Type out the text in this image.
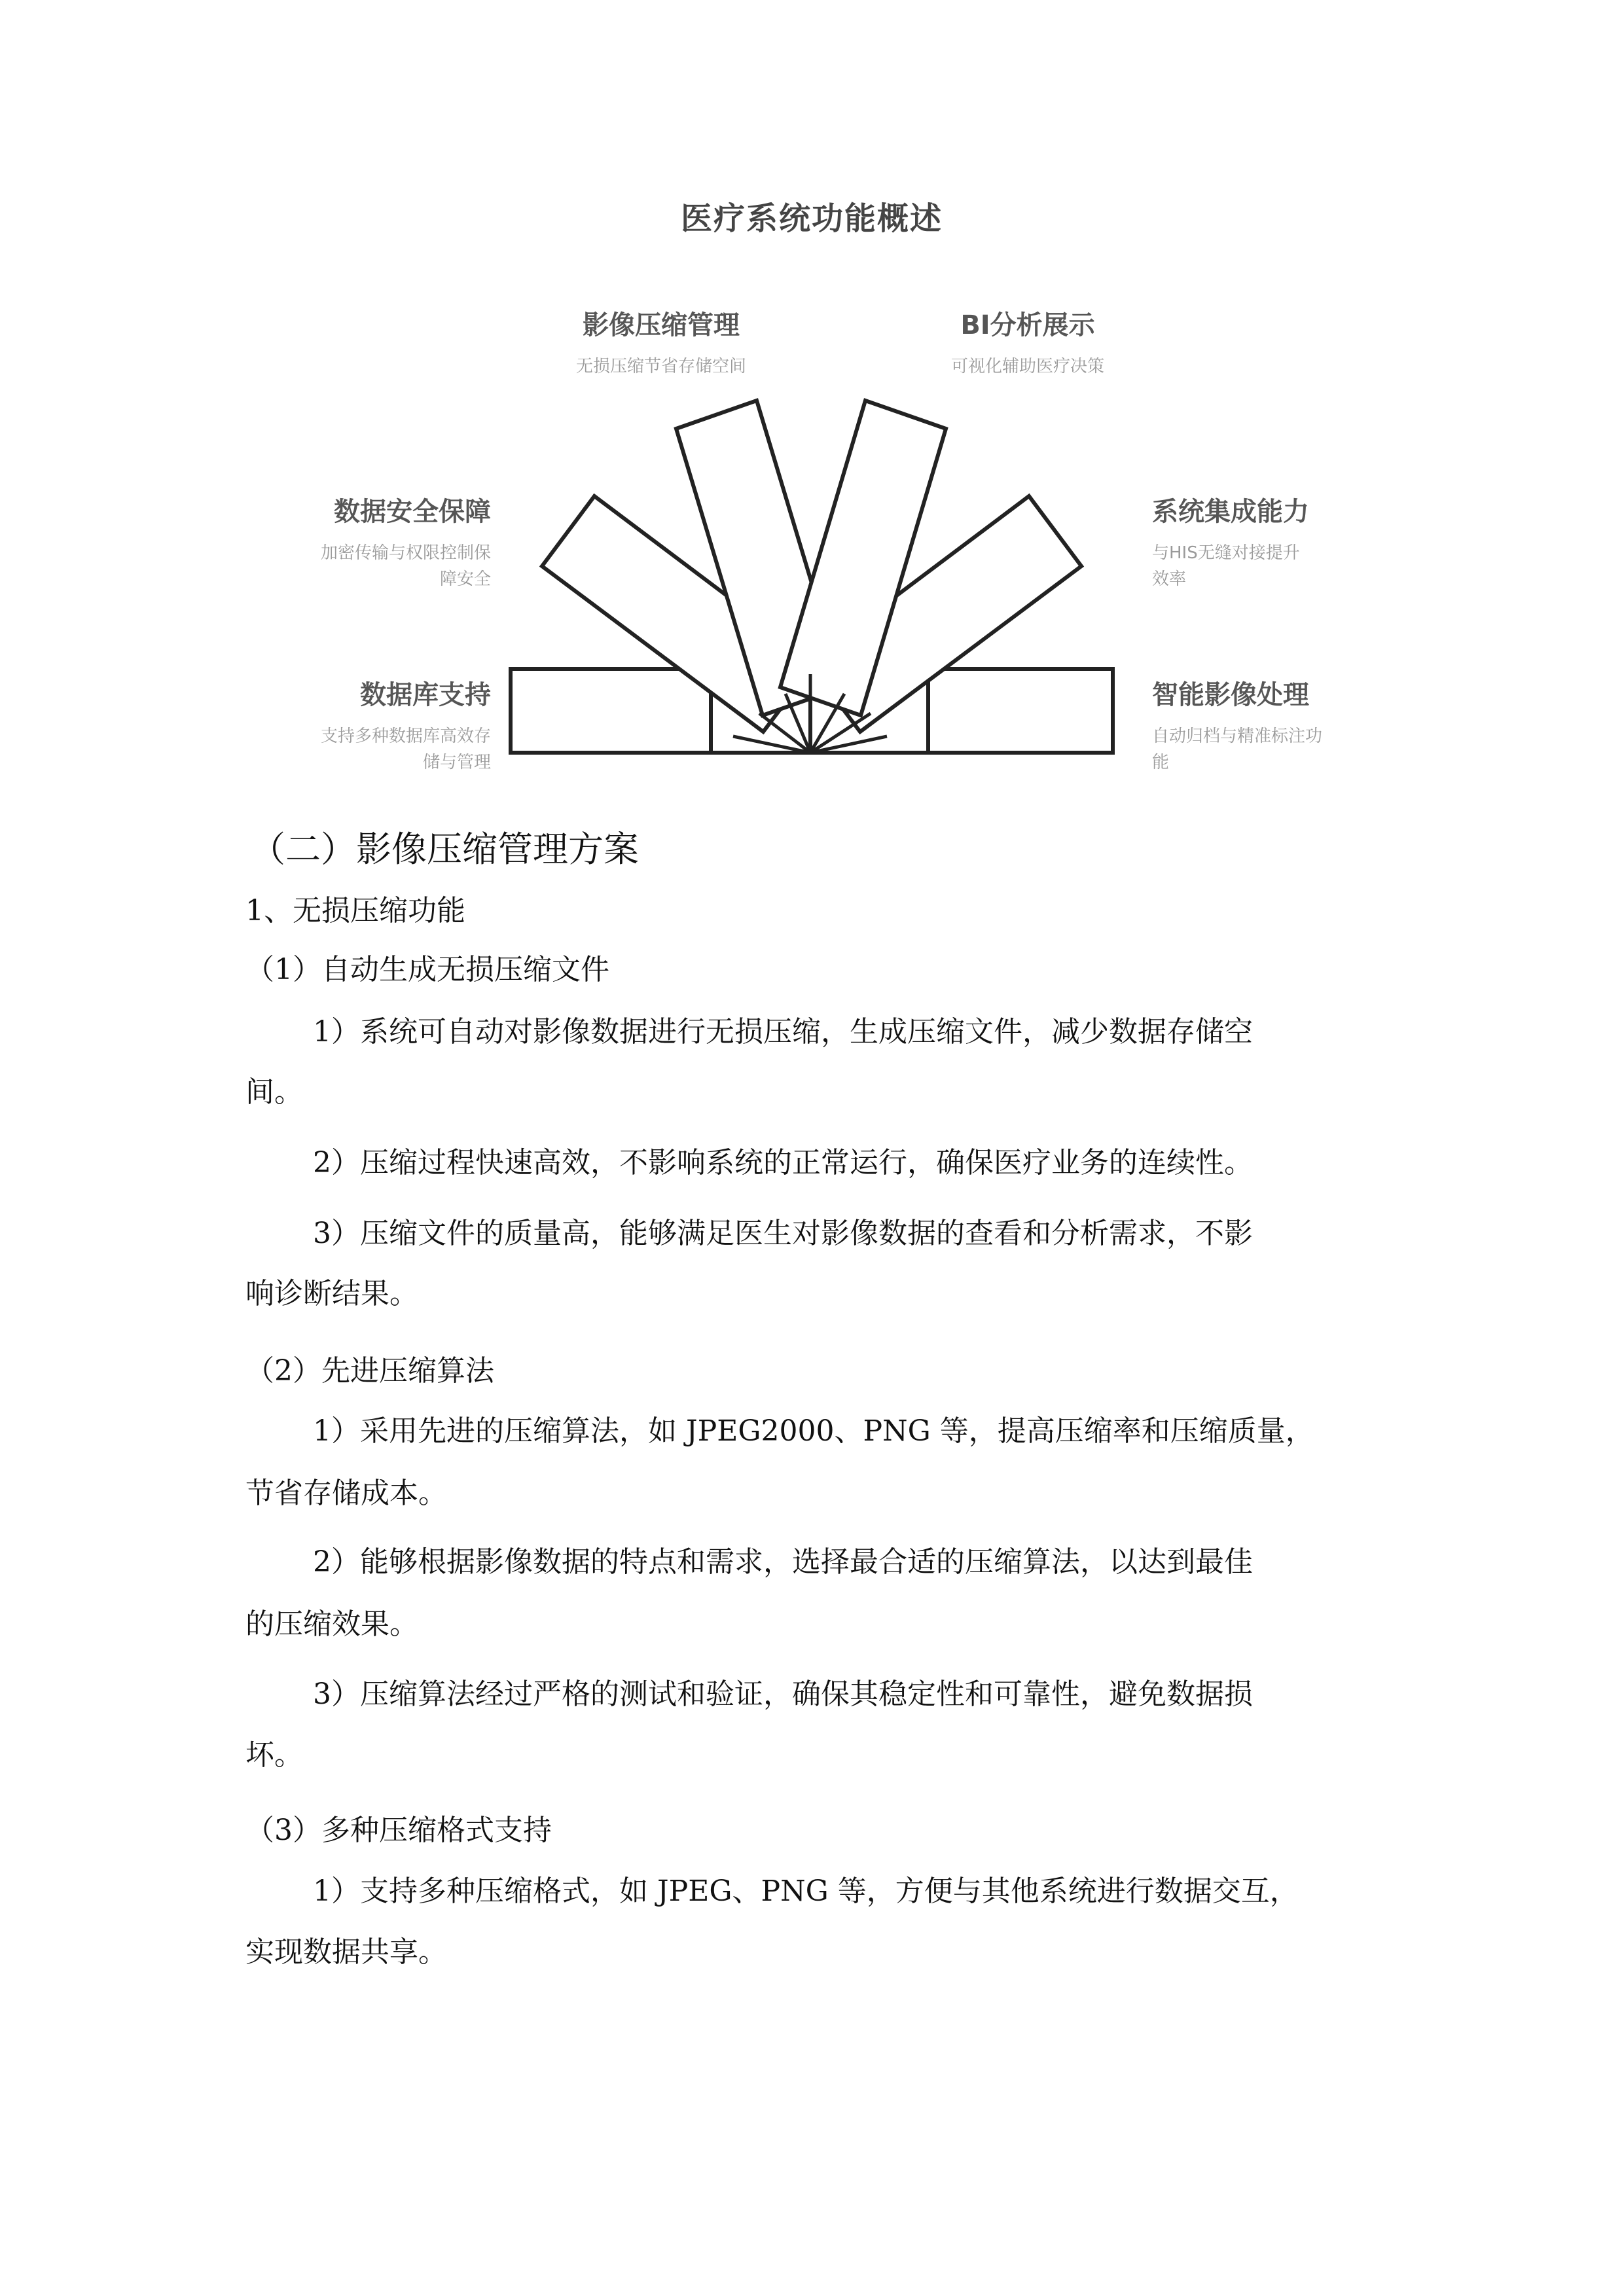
医疗系统功能概述
影像压缩管理
无损压缩节省存储空间
BI分析展示
可视化辅助医疗决策
数据安全保障
加密传输与权限控制保
障安全
系统集成能力
与HIS无缝对接提升
效率
数据库支持
支持多种数据库高效存
储与管理
智能影像处理
自动归档与精准标注功
能
（二）影像压缩管理方案
1、无损压缩功能
（1）自动生成无损压缩文件
1）系统可自动对影像数据进行无损压缩，生成压缩文件，减少数据存储空
间。
2）压缩过程快速高效，不影响系统的正常运行，确保医疗业务的连续性。
3）压缩文件的质量高，能够满足医生对影像数据的查看和分析需求，不影
响诊断结果。
（2）先进压缩算法
1）采用先进的压缩算法，如 JPEG2000、PNG 等，提高压缩率和压缩质量，
节省存储成本。
2）能够根据影像数据的特点和需求，选择最合适的压缩算法，以达到最佳
的压缩效果。
3）压缩算法经过严格的测试和验证，确保其稳定性和可靠性，避免数据损
坏。
（3）多种压缩格式支持
1）支持多种压缩格式，如 JPEG、PNG 等，方便与其他系统进行数据交互，
实现数据共享。
